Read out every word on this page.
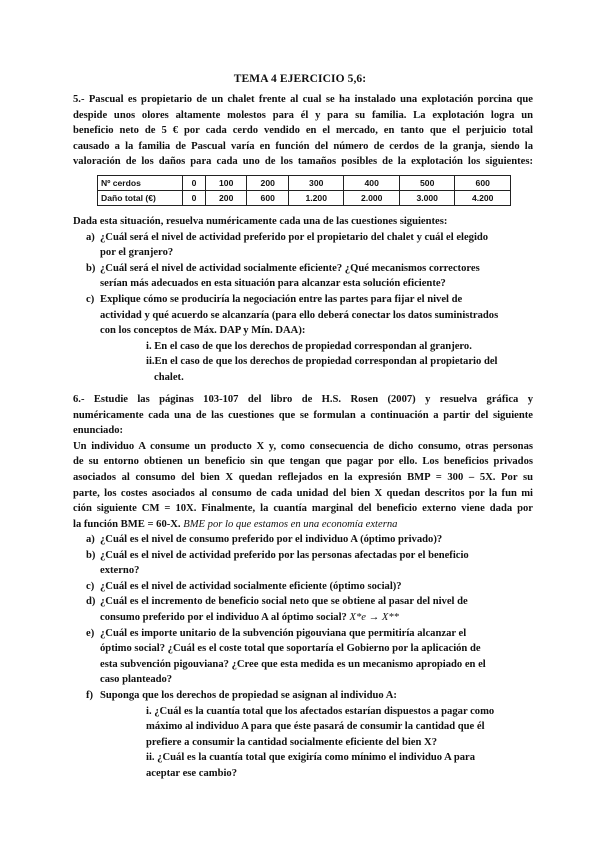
TEMA 4 EJERCICIO 5,6:
5.- Pascual es propietario de un chalet frente al cual se ha instalado una explotación porcina que
despide unos olores altamente molestos para él y para su familia. La explotación logra un
beneficio neto de 5 € por cada cerdo vendido en el mercado, en tanto que el perjuicio total
causado a la familia de Pascual varía en función del número de cerdos de la granja, siendo la
valoración de los daños para cada uno de los tamaños posibles de la explotación los siguientes:
Nº cerdos	0	100	200	300	400	500	600
Daño total (€)	0	200	600	1.200	2.000	3.000	4.200
Dada esta situación, resuelva numéricamente cada una de las cuestiones siguientes:
a) ¿Cuál será el nivel de actividad preferido por el propietario del chalet y cuál el elegido
por el granjero?
b) ¿Cuál será el nivel de actividad socialmente eficiente? ¿Qué mecanismos correctores
serían más adecuados en esta situación para alcanzar esta solución eficiente?
c) Explique cómo se produciría la negociación entre las partes para fijar el nivel de
actividad y qué acuerdo se alcanzaría (para ello deberá conectar los datos suministrados
con los conceptos de Máx. DAP y Mín. DAA):
i. En el caso de que los derechos de propiedad correspondan al granjero.
ii.En el caso de que los derechos de propiedad correspondan al propietario del
chalet.
6.- Estudie las páginas 103-107 del libro de H.S. Rosen (2007) y resuelva gráfica y
numéricamente cada una de las cuestiones que se formulan a continuación a partir del siguiente
enunciado:
Un individuo A consume un producto X y, como consecuencia de dicho consumo, otras personas
de su entorno obtienen un beneficio sin que tengan que pagar por ello. Los beneficios privados
asociados al consumo del bien X quedan reflejados en la expresión BMP = 300 – 5X. Por su
parte, los costes asociados al consumo de cada unidad del bien X quedan descritos por la fun mi
ción siguiente CM = 10X. Finalmente, la cuantía marginal del beneficio externo viene dada por
la función BME = 60-X. BME por lo que estamos en una economía externa
a) ¿Cuál es el nivel de consumo preferido por el individuo A (óptimo privado)?
b) ¿Cuál es el nivel de actividad preferido por las personas afectadas por el beneficio
externo?
c) ¿Cuál es el nivel de actividad socialmente eficiente (óptimo social)?
d) ¿Cuál es el incremento de beneficio social neto que se obtiene al pasar del nivel de
consumo preferido por el individuo A al óptimo social? X*e → X**
e) ¿Cuál es importe unitario de la subvención pigouviana que permitiría alcanzar el
óptimo social? ¿Cuál es el coste total que soportaría el Gobierno por la aplicación de
esta subvención pigouviana? ¿Cree que esta medida es un mecanismo apropiado en el
caso planteado?
f) Suponga que los derechos de propiedad se asignan al individuo A:
i. ¿Cuál es la cuantía total que los afectados estarían dispuestos a pagar como
máximo al individuo A para que éste pasará de consumir la cantidad que él
prefiere a consumir la cantidad socialmente eficiente del bien X?
ii. ¿Cuál es la cuantía total que exigiría como mínimo el individuo A para
aceptar ese cambio?
